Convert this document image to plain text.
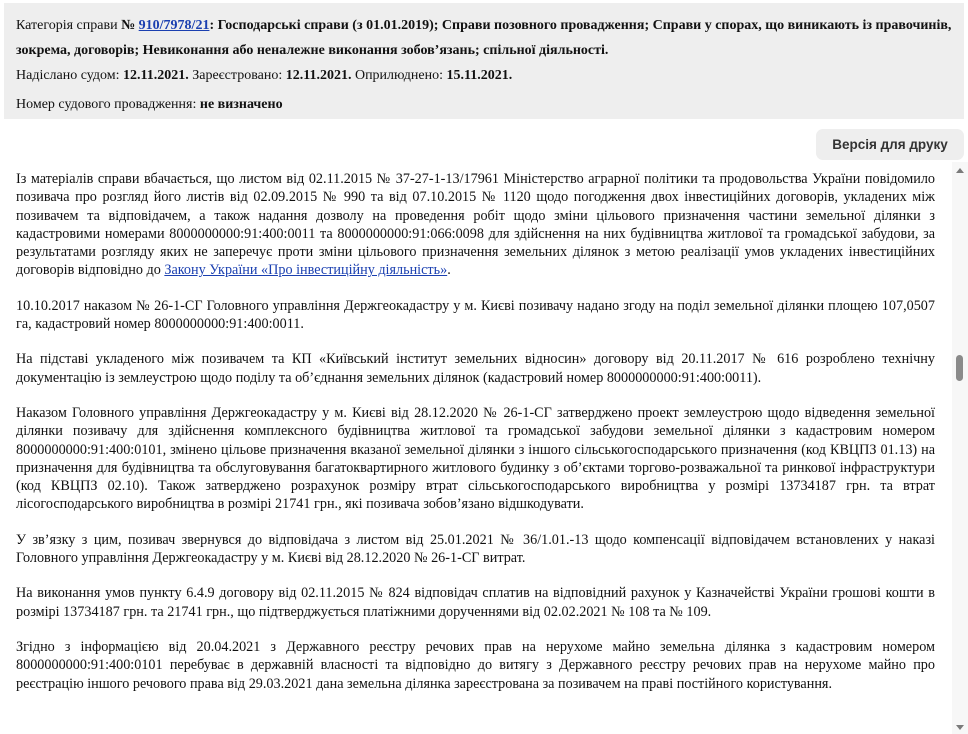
Категорія справи № 910/7978/21: Господарські справи (з 01.01.2019); Справи позовного провадження; Справи у спорах, що виникають із правочинів,
зокрема, договорів; Невиконання або неналежне виконання зобов’язань; спільної діяльності.
Надіслано судом: 12.11.2021. Зареєстровано: 12.11.2021. Оприлюднено: 15.11.2021.
Номер судового провадження: не визначено
Версія для друку

Із матеріалів справи вбачається, що листом від 02.11.2015 № 37-27-1-13/17961 Міністерство аграрної політики та продовольства України повідомило позивача про розгляд його листів від 02.09.2015 № 990 та від 07.10.2015 № 1120 щодо погодження двох інвестиційних договорів, укладених між позивачем та відповідачем, а також надання дозволу на проведення робіт щодо зміни цільового призначення частини земельної ділянки з кадастровими номерами 8000000000:91:400:0011 та 8000000000:91:066:0098 для здійснення на них будівництва житлової та громадської забудови, за результатами розгляду яких не заперечує проти зміни цільового призначення земельних ділянок з метою реалізації умов укладених інвестиційних договорів відповідно до Закону України «Про інвестиційну діяльність».

10.10.2017 наказом № 26-1-СГ Головного управління Держгеокадастру у м. Києві позивачу надано згоду на поділ земельної ділянки площею 107,0507 га, кадастровий номер 8000000000:91:400:0011.

На підставі укладеного між позивачем та КП «Київський інститут земельних відносин» договору від 20.11.2017 № 616 розроблено технічну документацію із землеустрою щодо поділу та об’єднання земельних ділянок (кадастровий номер 8000000000:91:400:0011).

Наказом Головного управління Держгеокадастру у м. Києві від 28.12.2020 № 26-1-СГ затверджено проект землеустрою щодо відведення земельної ділянки позивачу для здійснення комплексного будівництва житлової та громадської забудови земельної ділянки з кадастровим номером 8000000000:91:400:0101, змінено цільове призначення вказаної земельної ділянки з іншого сільськогосподарського призначення (код КВЦПЗ 01.13) на призначення для будівництва та обслуговування багатоквартирного житлового будинку з об’єктами торгово-розважальної та ринкової інфраструктури (код КВЦПЗ 02.10). Також затверджено розрахунок розміру втрат сільськогосподарського виробництва у розмірі 13734187 грн. та втрат лісогосподарського виробництва в розмірі 21741 грн., які позивача зобов’язано відшкодувати.

У зв’язку з цим, позивач звернувся до відповідача з листом від 25.01.2021 № 36/1.01.-13 щодо компенсації відповідачем встановлених у наказі Головного управління Держгеокадастру у м. Києві від 28.12.2020 № 26-1-СГ витрат.

На виконання умов пункту 6.4.9 договору від 02.11.2015 № 824 відповідач сплатив на відповідний рахунок у Казначействі України грошові кошти в розмірі 13734187 грн. та 21741 грн., що підтверджується платіжними дорученнями від 02.02.2021 № 108 та № 109.

Згідно з інформацією від 20.04.2021 з Державного реєстру речових прав на нерухоме майно земельна ділянка з кадастровим номером 8000000000:91:400:0101 перебуває в державній власності та відповідно до витягу з Державного реєстру речових прав на нерухоме майно про реєстрацію іншого речового права від 29.03.2021 дана земельна ділянка зареєстрована за позивачем на праві постійного користування.
